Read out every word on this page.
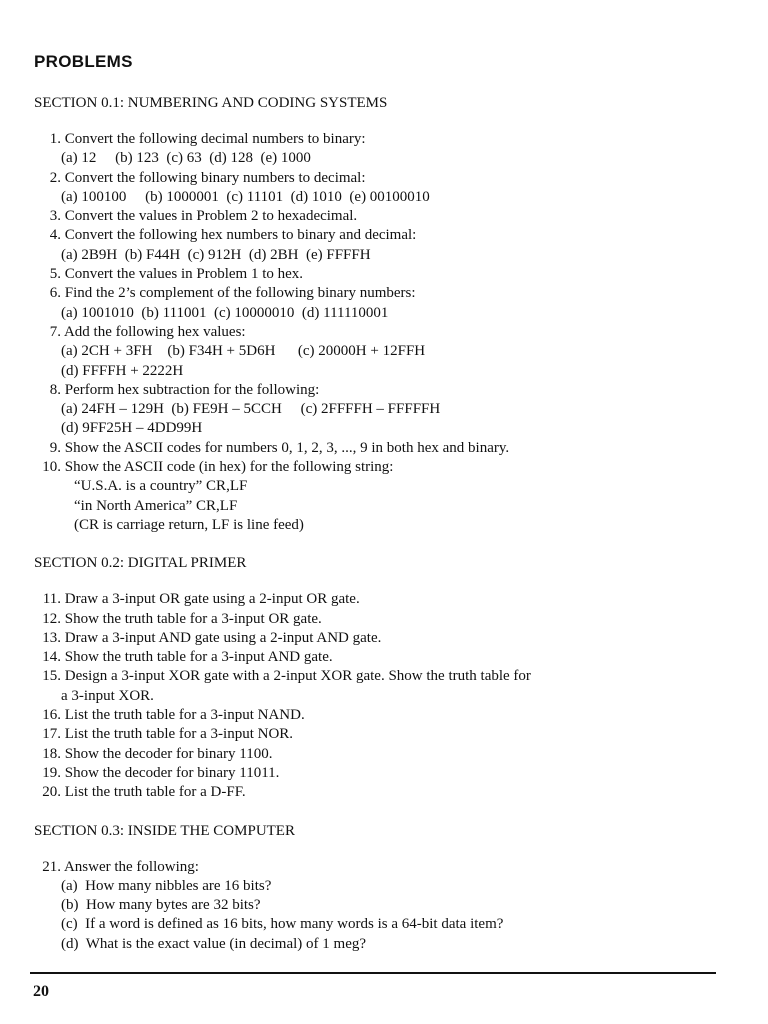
PROBLEMS
SECTION 0.1: NUMBERING AND CODING SYSTEMS
1. Convert the following decimal numbers to binary:
(a) 12     (b) 123  (c) 63  (d) 128  (e) 1000
2. Convert the following binary numbers to decimal:
(a) 100100     (b) 1000001  (c) 11101  (d) 1010  (e) 00100010
3. Convert the values in Problem 2 to hexadecimal.
4. Convert the following hex numbers to binary and decimal:
(a) 2B9H  (b) F44H  (c) 912H  (d) 2BH  (e) FFFFH
5. Convert the values in Problem 1 to hex.
6. Find the 2’s complement of the following binary numbers:
(a) 1001010  (b) 111001  (c) 10000010  (d) 111110001
7. Add the following hex values:
(a) 2CH + 3FH    (b) F34H + 5D6H      (c) 20000H + 12FFH
(d) FFFFH + 2222H
8. Perform hex subtraction for the following:
(a) 24FH – 129H  (b) FE9H – 5CCH     (c) 2FFFFH – FFFFFH
(d) 9FF25H – 4DD99H
9. Show the ASCII codes for numbers 0, 1, 2, 3, ..., 9 in both hex and binary.
10. Show the ASCII code (in hex) for the following string:
“U.S.A. is a country” CR,LF
“in North America” CR,LF
(CR is carriage return, LF is line feed)
SECTION 0.2: DIGITAL PRIMER
11. Draw a 3-input OR gate using a 2-input OR gate.
12. Show the truth table for a 3-input OR gate.
13. Draw a 3-input AND gate using a 2-input AND gate.
14. Show the truth table for a 3-input AND gate.
15. Design a 3-input XOR gate with a 2-input XOR gate. Show the truth table for
a 3-input XOR.
16. List the truth table for a 3-input NAND.
17. List the truth table for a 3-input NOR.
18. Show the decoder for binary 1100.
19. Show the decoder for binary 11011.
20. List the truth table for a D-FF.
SECTION 0.3: INSIDE THE COMPUTER
21. Answer the following:
(a)  How many nibbles are 16 bits?
(b)  How many bytes are 32 bits?
(c)  If a word is defined as 16 bits, how many words is a 64-bit data item?
(d)  What is the exact value (in decimal) of 1 meg?
20
